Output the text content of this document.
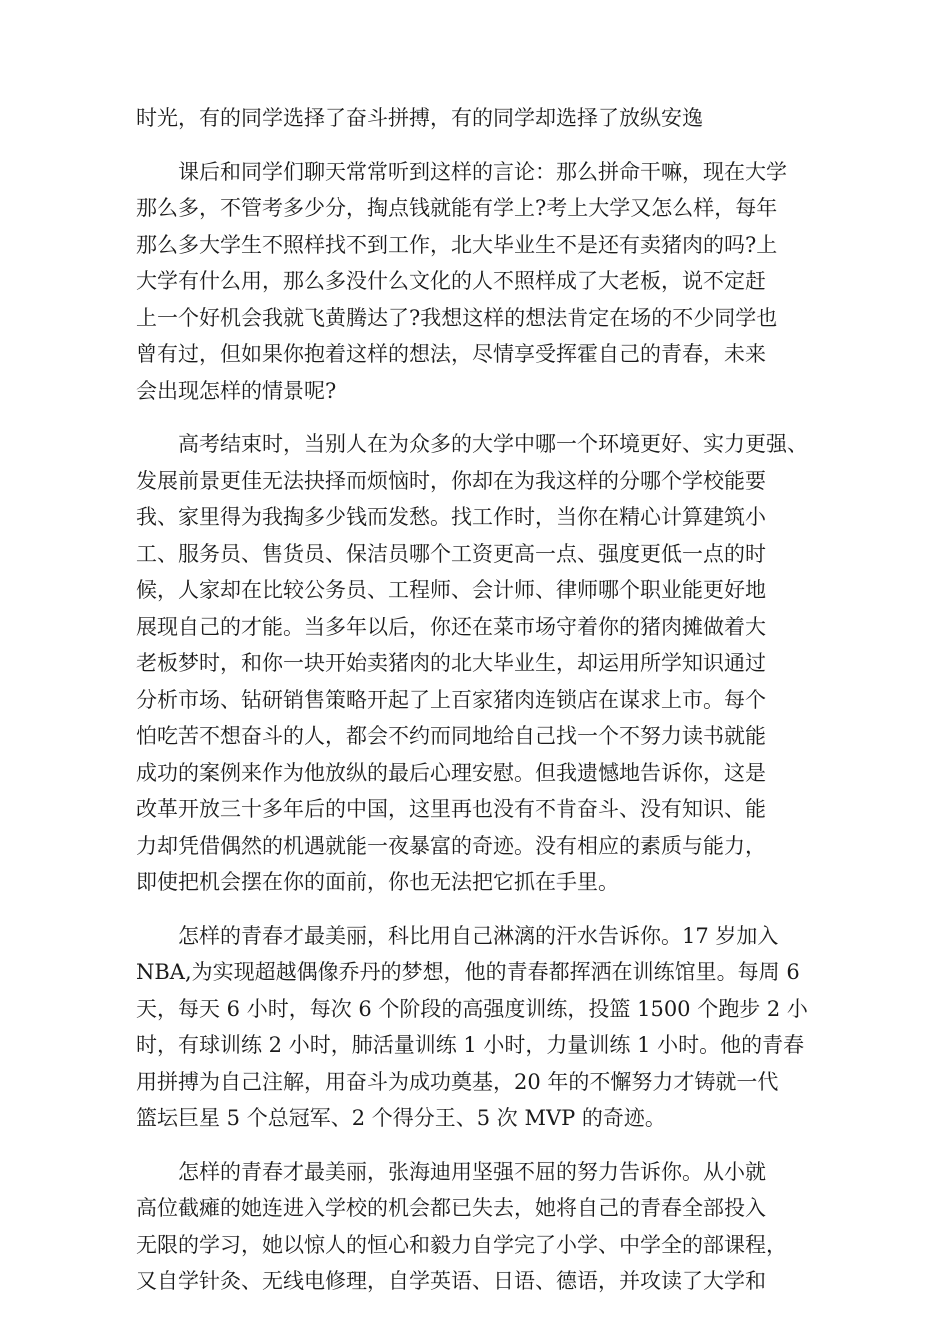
时光，有的同学选择了奋斗拼搏，有的同学却选择了放纵安逸
课后和同学们聊天常常听到这样的言论：那么拼命干嘛，现在大学
那么多，不管考多少分，掏点钱就能有学上?考上大学又怎么样，每年
那么多大学生不照样找不到工作，北大毕业生不是还有卖猪肉的吗?上
大学有什么用，那么多没什么文化的人不照样成了大老板，说不定赶
上一个好机会我就飞黄腾达了?我想这样的想法肯定在场的不少同学也
曾有过，但如果你抱着这样的想法，尽情享受挥霍自己的青春，未来
会出现怎样的情景呢?
高考结束时，当别人在为众多的大学中哪一个环境更好、实力更强、
发展前景更佳无法抉择而烦恼时，你却在为我这样的分哪个学校能要
我、家里得为我掏多少钱而发愁。找工作时，当你在精心计算建筑小
工、服务员、售货员、保洁员哪个工资更高一点、强度更低一点的时
候，人家却在比较公务员、工程师、会计师、律师哪个职业能更好地
展现自己的才能。当多年以后，你还在菜市场守着你的猪肉摊做着大
老板梦时，和你一块开始卖猪肉的北大毕业生，却运用所学知识通过
分析市场、钻研销售策略开起了上百家猪肉连锁店在谋求上市。每个
怕吃苦不想奋斗的人，都会不约而同地给自己找一个不努力读书就能
成功的案例来作为他放纵的最后心理安慰。但我遗憾地告诉你，这是
改革开放三十多年后的中国，这里再也没有不肯奋斗、没有知识、能
力却凭借偶然的机遇就能一夜暴富的奇迹。没有相应的素质与能力，
即使把机会摆在你的面前，你也无法把它抓在手里。
怎样的青春才最美丽，科比用自己淋漓的汗水告诉你。17 岁加入
NBA,为实现超越偶像乔丹的梦想，他的青春都挥洒在训练馆里。每周 6
天，每天 6 小时，每次 6 个阶段的高强度训练，投篮 1500 个跑步 2 小
时，有球训练 2 小时，肺活量训练 1 小时，力量训练 1 小时。他的青春
用拼搏为自己注解，用奋斗为成功奠基，20 年的不懈努力才铸就一代
篮坛巨星 5 个总冠军、2 个得分王、5 次 MVP 的奇迹。
怎样的青春才最美丽，张海迪用坚强不屈的努力告诉你。从小就
高位截瘫的她连进入学校的机会都已失去，她将自己的青春全部投入
无限的学习，她以惊人的恒心和毅力自学完了小学、中学全的部课程，
又自学针灸、无线电修理，自学英语、日语、德语，并攻读了大学和
